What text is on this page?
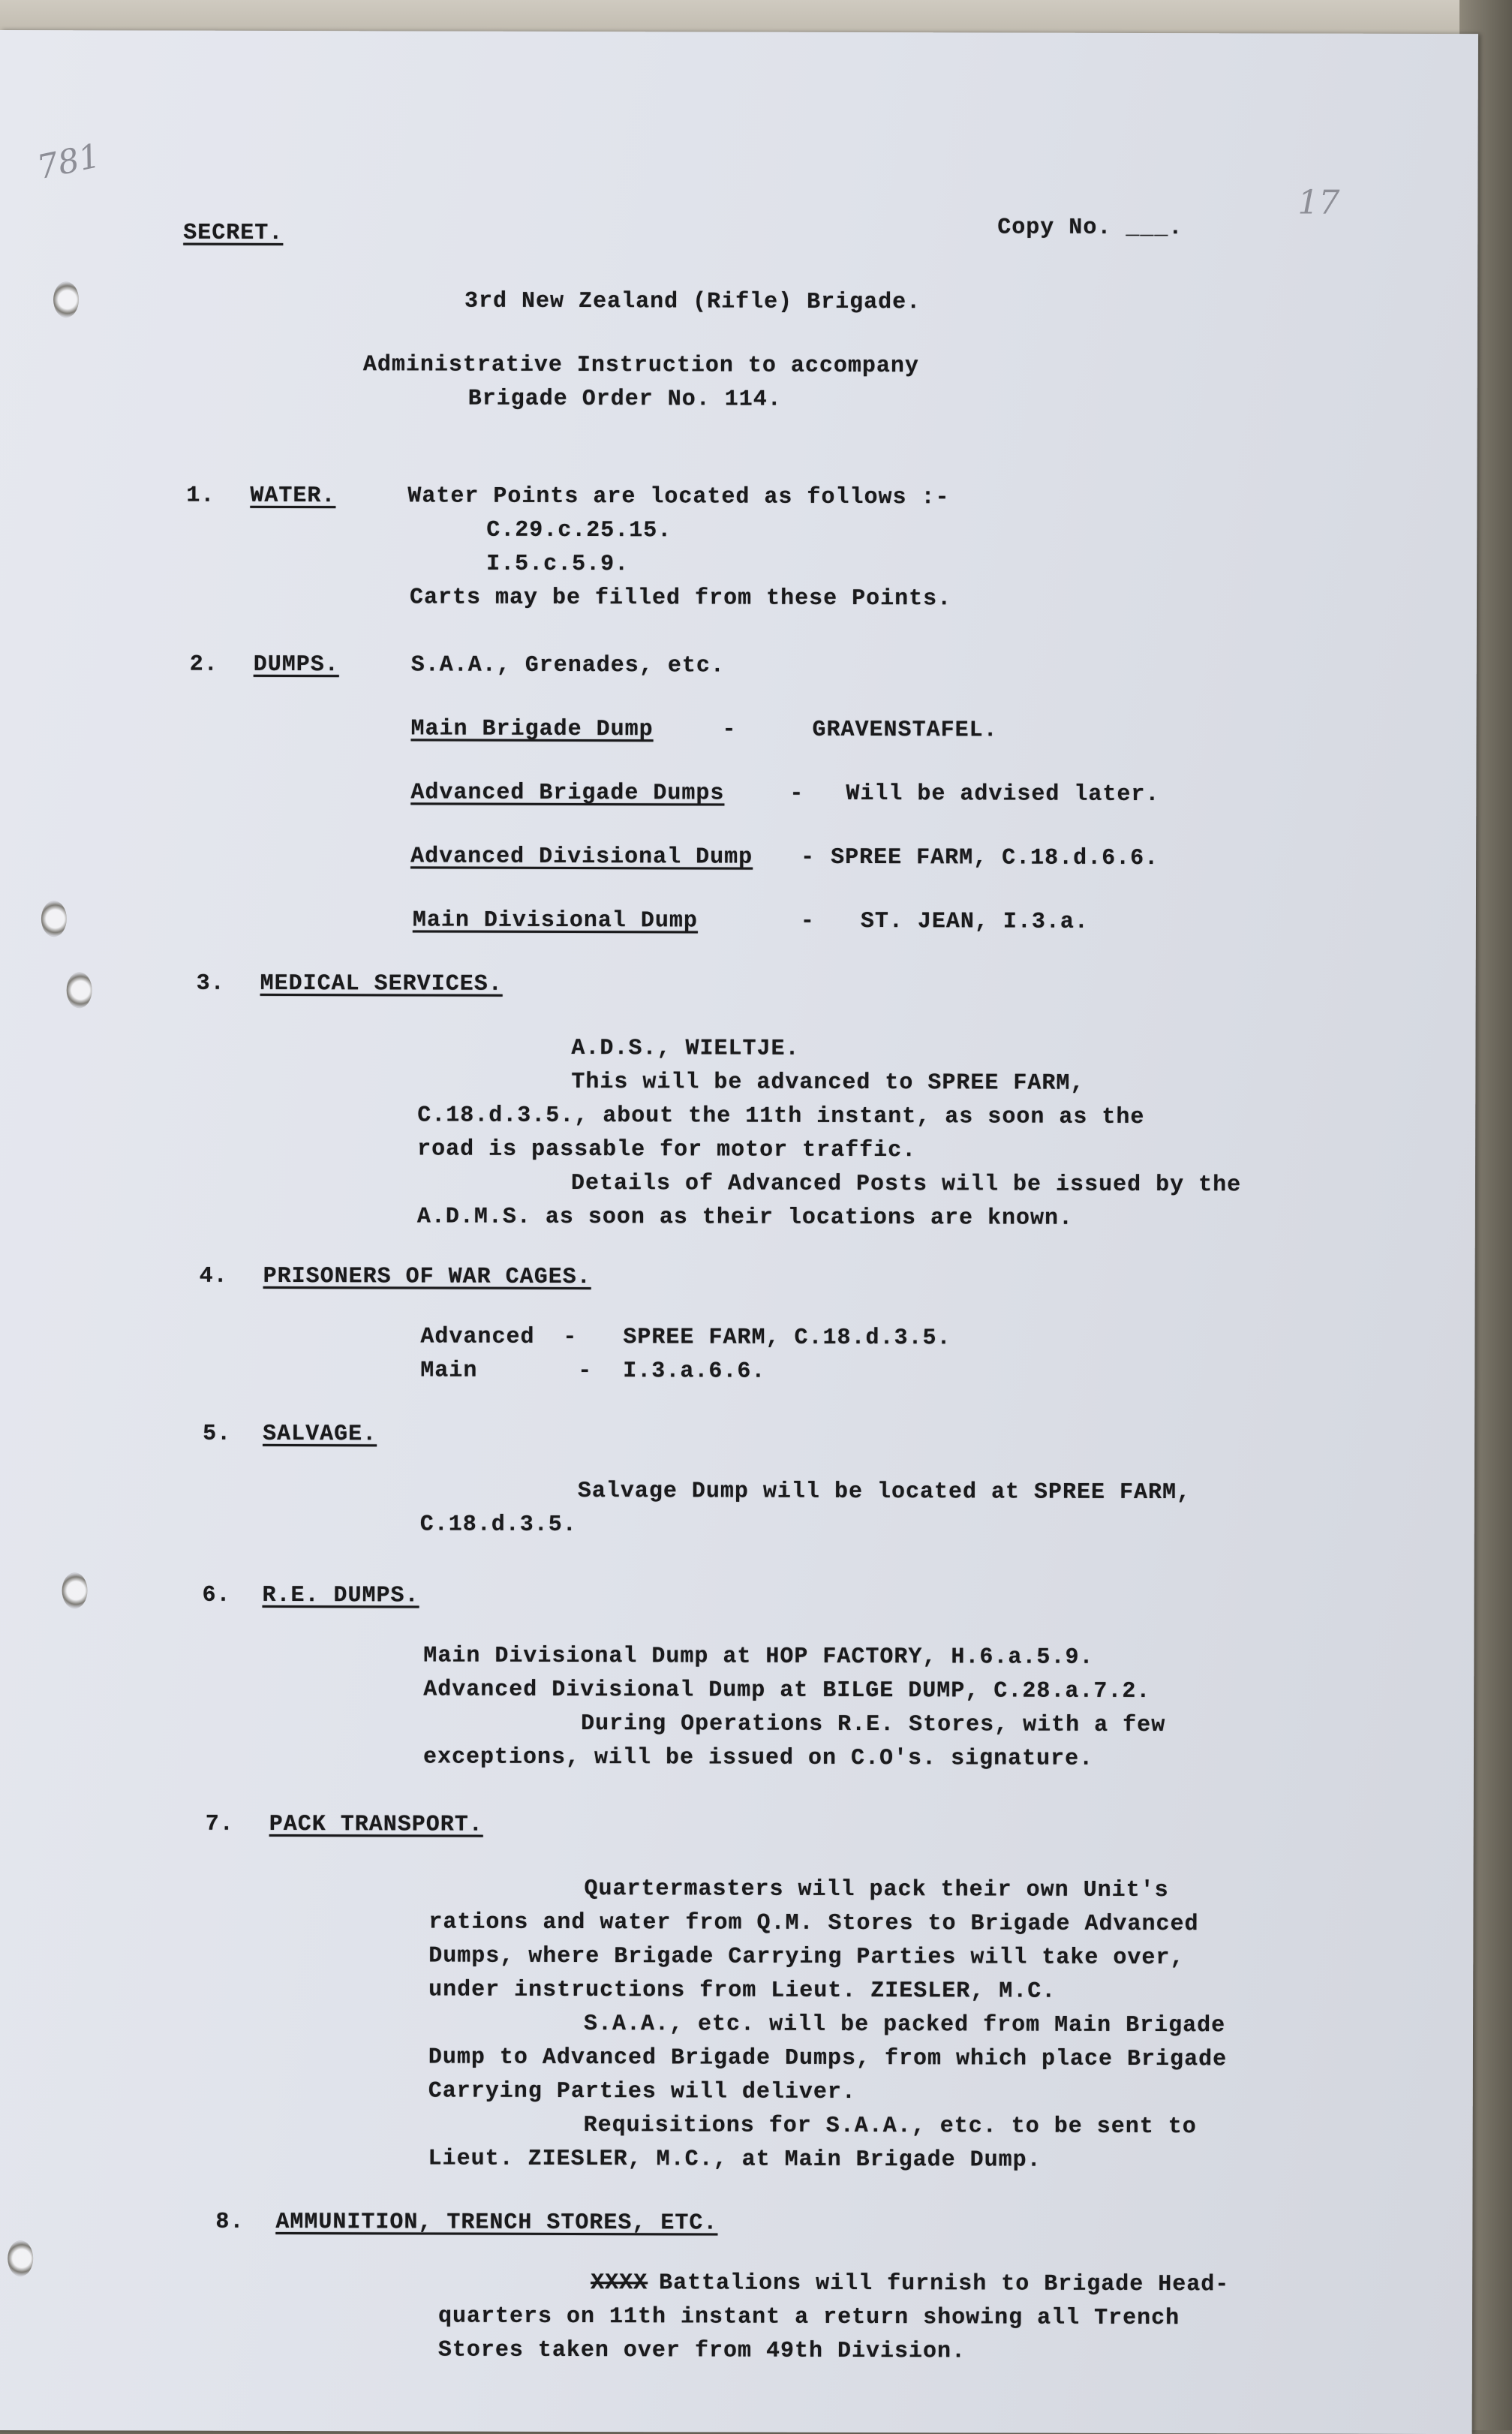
781
17
SECRET.	Copy No. ___.
3rd New Zealand (Rifle) Brigade.
Administrative Instruction to accompany
Brigade Order No. 114.
1. WATER.	Water Points are located as follows :-
C.29.c.25.15.
I.5.c.5.9.
Carts may be filled from these Points.
2. DUMPS.	S.A.A., Grenades, etc.
Main Brigade Dump	-	GRAVENSTAFEL.
Advanced Brigade Dumps	- Will be advised later.
Advanced Divisional Dump - SPREE FARM, C.18.d.6.6.
Main Divisional Dump	- ST. JEAN, I.3.a.
3. MEDICAL SERVICES.
A.D.S., WIELTJE.
This will be advanced to SPREE FARM,
C.18.d.3.5., about the 11th instant, as soon as the
road is passable for motor traffic.
Details of Advanced Posts will be issued by the
A.D.M.S. as soon as their locations are known.
4. PRISONERS OF WAR CAGES.
Advanced - SPREE FARM, C.18.d.3.5.
Main	- I.3.a.6.6.
5. SALVAGE.
Salvage Dump will be located at SPREE FARM,
C.18.d.3.5.
6. R.E. DUMPS.
Main Divisional Dump at HOP FACTORY, H.6.a.5.9.
Advanced Divisional Dump at BILGE DUMP, C.28.a.7.2.
During Operations R.E. Stores, with a few
exceptions, will be issued on C.O's. signature.
7. PACK TRANSPORT.
Quartermasters will pack their own Unit's
rations and water from Q.M. Stores to Brigade Advanced
Dumps, where Brigade Carrying Parties will take over,
under instructions from Lieut. ZIESLER, M.C.
S.A.A., etc. will be packed from Main Brigade
Dump to Advanced Brigade Dumps, from which place Brigade
Carrying Parties will deliver.
Requisitions for S.A.A., etc. to be sent to
Lieut. ZIESLER, M.C., at Main Brigade Dump.
8. AMMUNITION, TRENCH STORES, ETC.
XXXX
Battalions will furnish to Brigade Head-
quarters on 11th instant a return showing all Trench
Stores taken over from 49th Division.
